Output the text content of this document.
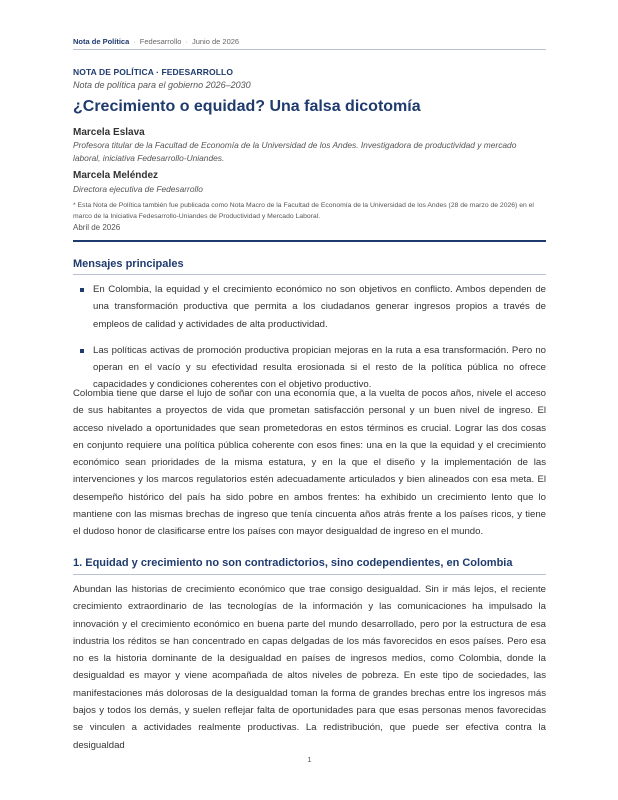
Nota de Política · Fedesarrollo · Junio de 2026
NOTA DE POLÍTICA · FEDESARROLLO
Nota de política para el gobierno 2026–2030
¿Crecimiento o equidad? Una falsa dicotomía
Marcela Eslava
Profesora titular de la Facultad de Economía de la Universidad de los Andes. Investigadora de productividad y mercado laboral, iniciativa Fedesarrollo-Uniandes.
Marcela Meléndez
Directora ejecutiva de Fedesarrollo
* Esta Nota de Política también fue publicada como Nota Macro de la Facultad de Economía de la Universidad de los Andes (28 de marzo de 2026) en el marco de la Iniciativa Fedesarrollo-Uniandes de Productividad y Mercado Laboral.
Abril de 2026
Mensajes principales
En Colombia, la equidad y el crecimiento económico no son objetivos en conflicto. Ambos dependen de una transformación productiva que permita a los ciudadanos generar ingresos propios a través de empleos de calidad y actividades de alta productividad.
Las políticas activas de promoción productiva propician mejoras en la ruta a esa transformación. Pero no operan en el vacío y su efectividad resulta erosionada si el resto de la política pública no ofrece capacidades y condiciones coherentes con el objetivo productivo.
Colombia tiene que darse el lujo de soñar con una economía que, a la vuelta de pocos años, nivele el acceso de sus habitantes a proyectos de vida que prometan satisfacción personal y un buen nivel de ingreso. El acceso nivelado a oportunidades que sean prometedoras en estos términos es crucial. Lograr las dos cosas en conjunto requiere una política pública coherente con esos fines: una en la que la equidad y el crecimiento económico sean prioridades de la misma estatura, y en la que el diseño y la implementación de las intervenciones y los marcos regulatorios estén adecuadamente articulados y bien alineados con esa meta. El desempeño histórico del país ha sido pobre en ambos frentes: ha exhibido un crecimiento lento que lo mantiene con las mismas brechas de ingreso que tenía cincuenta años atrás frente a los países ricos, y tiene el dudoso honor de clasificarse entre los países con mayor desigualdad de ingreso en el mundo.
1. Equidad y crecimiento no son contradictorios, sino codependientes, en Colombia
Abundan las historias de crecimiento económico que trae consigo desigualdad. Sin ir más lejos, el reciente crecimiento extraordinario de las tecnologías de la información y las comunicaciones ha impulsado la innovación y el crecimiento económico en buena parte del mundo desarrollado, pero por la estructura de esa industria los réditos se han concentrado en capas delgadas de los más favorecidos en esos países. Pero esa no es la historia dominante de la desigualdad en países de ingresos medios, como Colombia, donde la desigualdad es mayor y viene acompañada de altos niveles de pobreza. En este tipo de sociedades, las manifestaciones más dolorosas de la desigualdad toman la forma de grandes brechas entre los ingresos más bajos y todos los demás, y suelen reflejar falta de oportunidades para que esas personas menos favorecidas se vinculen a actividades realmente productivas. La redistribución, que puede ser efectiva contra la desigualdad
1
